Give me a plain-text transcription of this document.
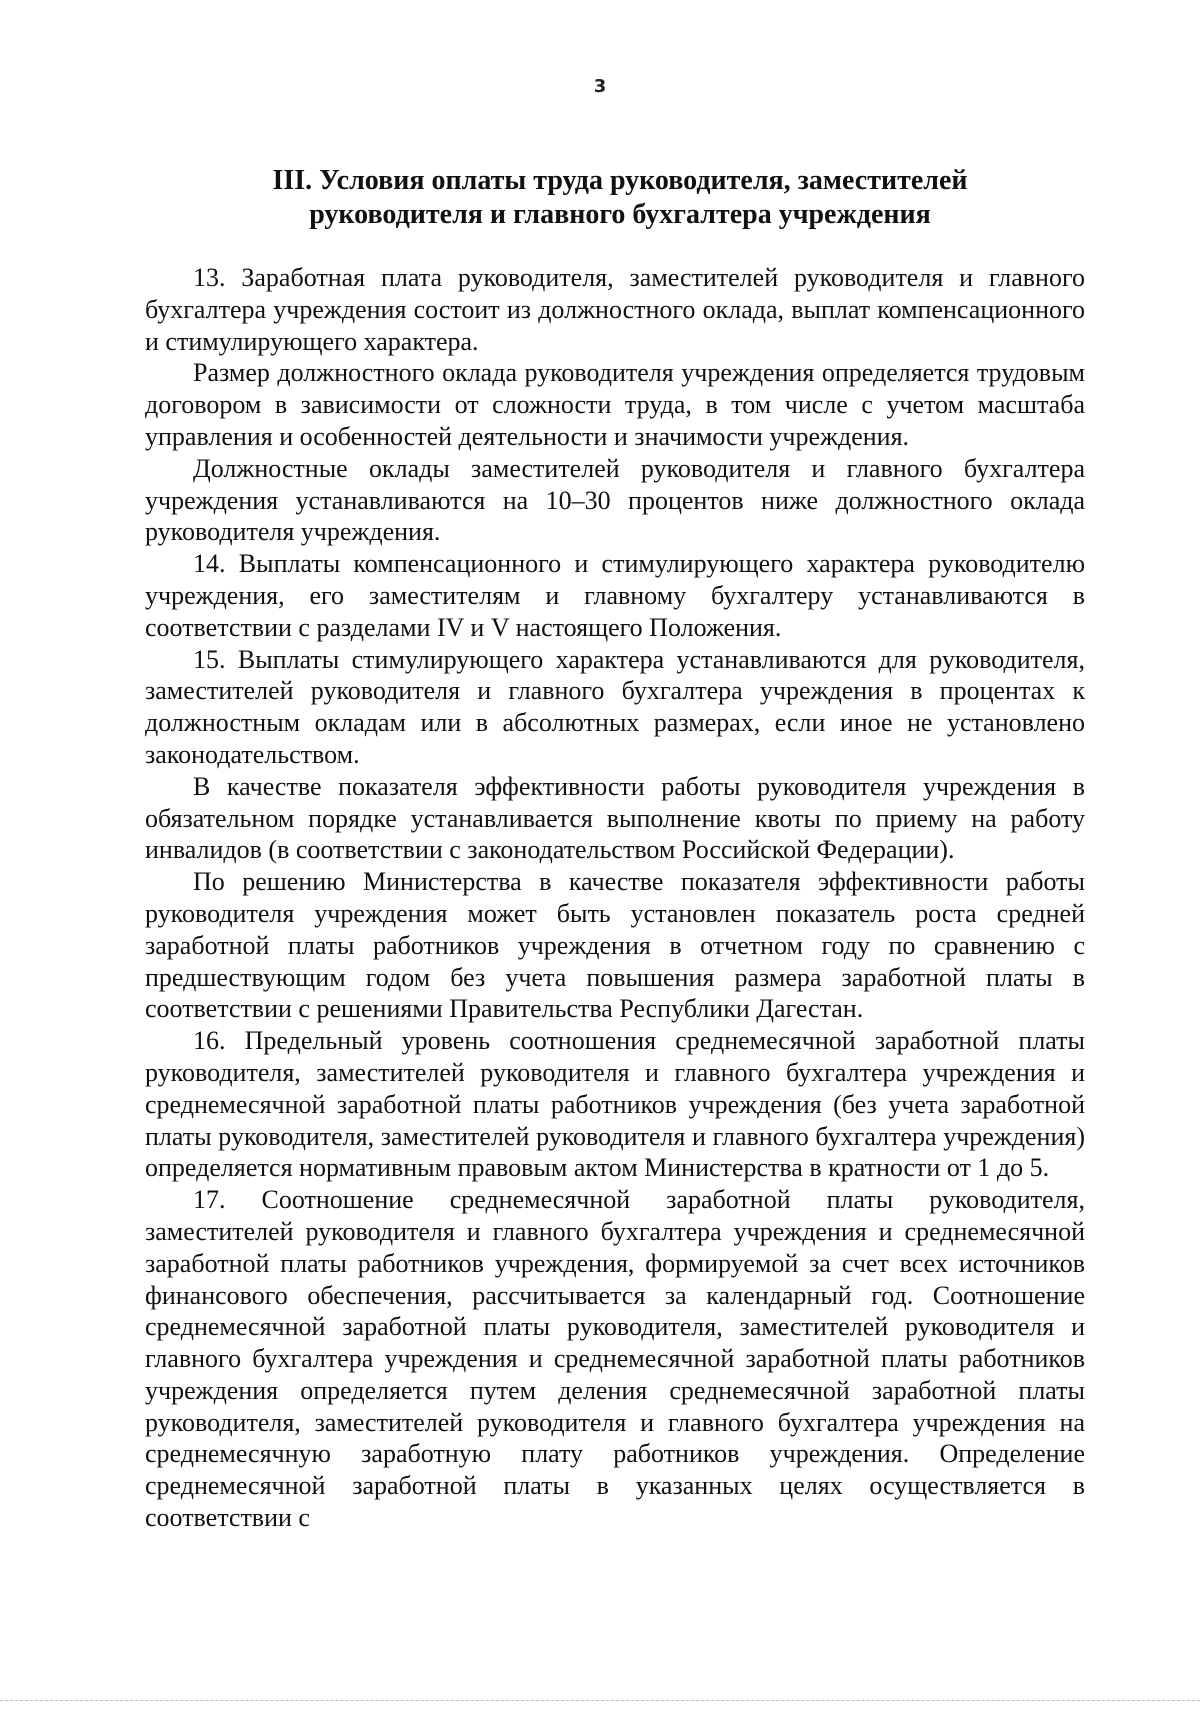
3
III. Условия оплаты труда руководителя, заместителей
руководителя и главного бухгалтера учреждения

13. Заработная плата руководителя, заместителей руководителя и главного бухгалтера учреждения состоит из должностного оклада, выплат компенсационного и стимулирующего характера.

Размер должностного оклада руководителя учреждения определяется трудовым договором в зависимости от сложности труда, в том числе с учетом масштаба управления и особенностей деятельности и значимости учреждения.

Должностные оклады заместителей руководителя и главного бухгалтера учреждения устанавливаются на 10–30 процентов ниже должностного оклада руководителя учреждения.

14. Выплаты компенсационного и стимулирующего характера руководителю учреждения, его заместителям и главному бухгалтеру устанавливаются в соответствии с разделами IV и V настоящего Положения.

15. Выплаты стимулирующего характера устанавливаются для руководителя, заместителей руководителя и главного бухгалтера учреждения в процентах к должностным окладам или в абсолютных размерах, если иное не установлено законодательством.

В качестве показателя эффективности работы руководителя учреждения в обязательном порядке устанавливается выполнение квоты по приему на работу инвалидов (в соответствии с законодательством Российской Федерации).

По решению Министерства в качестве показателя эффективности работы руководителя учреждения может быть установлен показатель роста средней заработной платы работников учреждения в отчетном году по сравнению с предшествующим годом без учета повышения размера заработной платы в соответствии с решениями Правительства Республики Дагестан.

16. Предельный уровень соотношения среднемесячной заработной платы руководителя, заместителей руководителя и главного бухгалтера учреждения и среднемесячной заработной платы работников учреждения (без учета заработной платы руководителя, заместителей руководителя и главного бухгалтера учреждения) определяется нормативным правовым актом Министерства в кратности от 1 до 5.

17. Соотношение среднемесячной заработной платы руководителя, заместителей руководителя и главного бухгалтера учреждения и среднемесячной заработной платы работников учреждения, формируемой за счет всех источников финансового обеспечения, рассчитывается за календарный год. Соотношение среднемесячной заработной платы руководителя, заместителей руководителя и главного бухгалтера учреждения и среднемесячной заработной платы работников учреждения определяется путем деления среднемесячной заработной платы руководителя, заместителей руководителя и главного бухгалтера учреждения на среднемесячную заработную плату работников учреждения. Определение среднемесячной заработной платы в указанных целях осуществляется в соответствии с
